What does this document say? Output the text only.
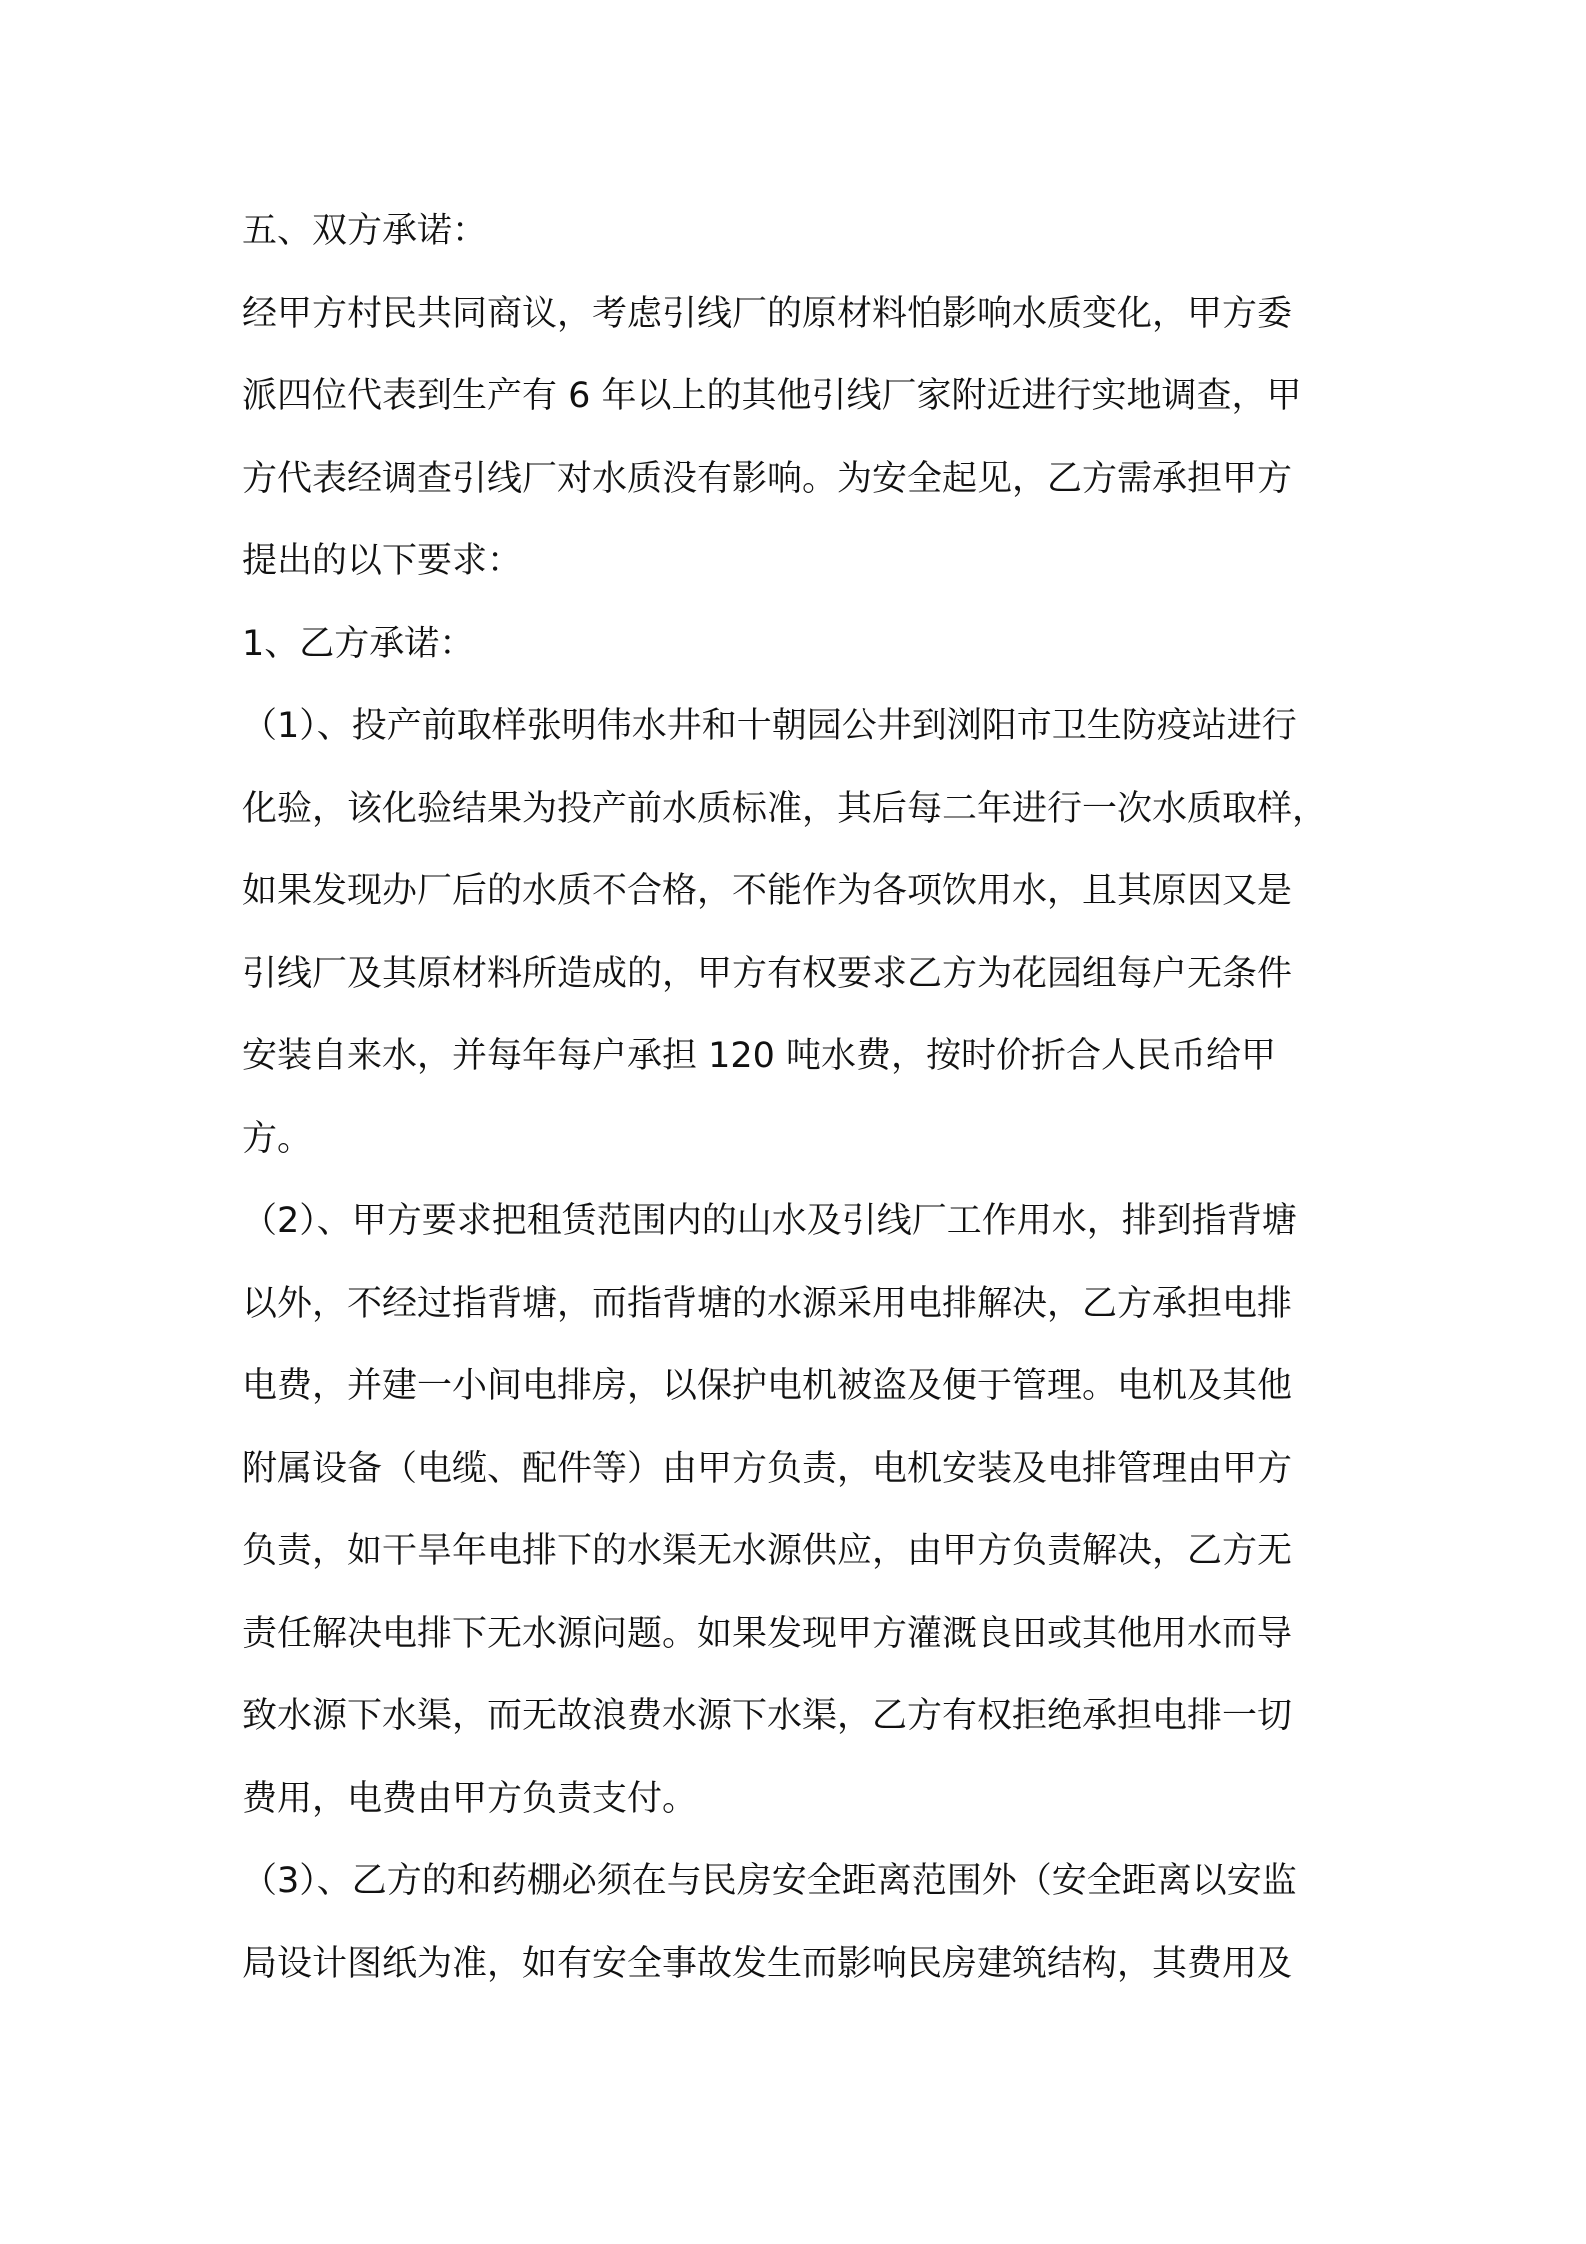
五、双方承诺：
经甲方村民共同商议，考虑引线厂的原材料怕影响水质变化，甲方委
派四位代表到生产有 6 年以上的其他引线厂家附近进行实地调查，甲
方代表经调查引线厂对水质没有影响。为安全起见，乙方需承担甲方
提出的以下要求：
1、乙方承诺：
（1）、投产前取样张明伟水井和十朝园公井到浏阳市卫生防疫站进行
化验，该化验结果为投产前水质标准，其后每二年进行一次水质取样，
如果发现办厂后的水质不合格，不能作为各项饮用水，且其原因又是
引线厂及其原材料所造成的，甲方有权要求乙方为花园组每户无条件
安装自来水，并每年每户承担 120 吨水费，按时价折合人民币给甲
方。
（2）、甲方要求把租赁范围内的山水及引线厂工作用水，排到指背塘
以外，不经过指背塘，而指背塘的水源采用电排解决，乙方承担电排
电费，并建一小间电排房，以保护电机被盗及便于管理。电机及其他
附属设备（电缆、配件等）由甲方负责，电机安装及电排管理由甲方
负责，如干旱年电排下的水渠无水源供应，由甲方负责解决，乙方无
责任解决电排下无水源问题。如果发现甲方灌溉良田或其他用水而导
致水源下水渠，而无故浪费水源下水渠，乙方有权拒绝承担电排一切
费用，电费由甲方负责支付。
（3）、乙方的和药棚必须在与民房安全距离范围外（安全距离以安监
局设计图纸为准，如有安全事故发生而影响民房建筑结构，其费用及
